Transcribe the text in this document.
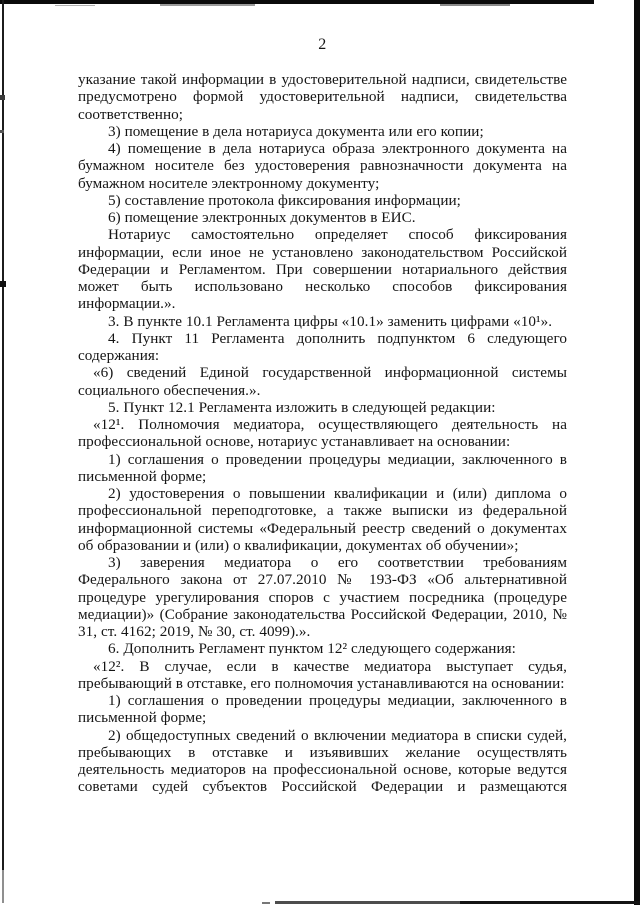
2

указание такой информации в удостоверительной надписи, свидетельстве предусмотрено формой удостоверительной надписи, свидетельства соответственно;

3) помещение в дела нотариуса документа или его копии;

4) помещение в дела нотариуса образа электронного документа на бумажном носителе без удостоверения равнозначности документа на бумажном носителе электронному документу;

5) составление протокола фиксирования информации;

6) помещение электронных документов в ЕИС.

Нотариус самостоятельно определяет способ фиксирования информации, если иное не установлено законодательством Российской Федерации и Регламентом. При совершении нотариального действия может быть использовано несколько способов фиксирования информации.».

3. В пункте 10.1 Регламента цифры «10.1» заменить цифрами «10¹».

4. Пункт 11 Регламента дополнить подпунктом 6 следующего содержания:

«6) сведений Единой государственной информационной системы социального обеспечения.».

5. Пункт 12.1 Регламента изложить в следующей редакции:

«12¹. Полномочия медиатора, осуществляющего деятельность на профессиональной основе, нотариус устанавливает на основании:

1) соглашения о проведении процедуры медиации, заключенного в письменной форме;

2) удостоверения о повышении квалификации и (или) диплома о профессиональной переподготовке, а также выписки из федеральной информационной системы «Федеральный реестр сведений о документах об образовании и (или) о квалификации, документах об обучении»;

3) заверения медиатора о его соответствии требованиям Федерального закона от 27.07.2010 № 193-ФЗ «Об альтернативной процедуре урегулирования споров с участием посредника (процедуре медиации)» (Собрание законодательства Российской Федерации, 2010, № 31, ст. 4162; 2019, № 30, ст. 4099).».

6. Дополнить Регламент пунктом 12² следующего содержания:

«12². В случае, если в качестве медиатора выступает судья, пребывающий в отставке, его полномочия устанавливаются на основании:

1) соглашения о проведении процедуры медиации, заключенного в письменной форме;

2) общедоступных сведений о включении медиатора в списки судей, пребывающих в отставке и изъявивших желание осуществлять деятельность медиаторов на профессиональной основе, которые ведутся советами судей субъектов Российской Федерации и размещаются
